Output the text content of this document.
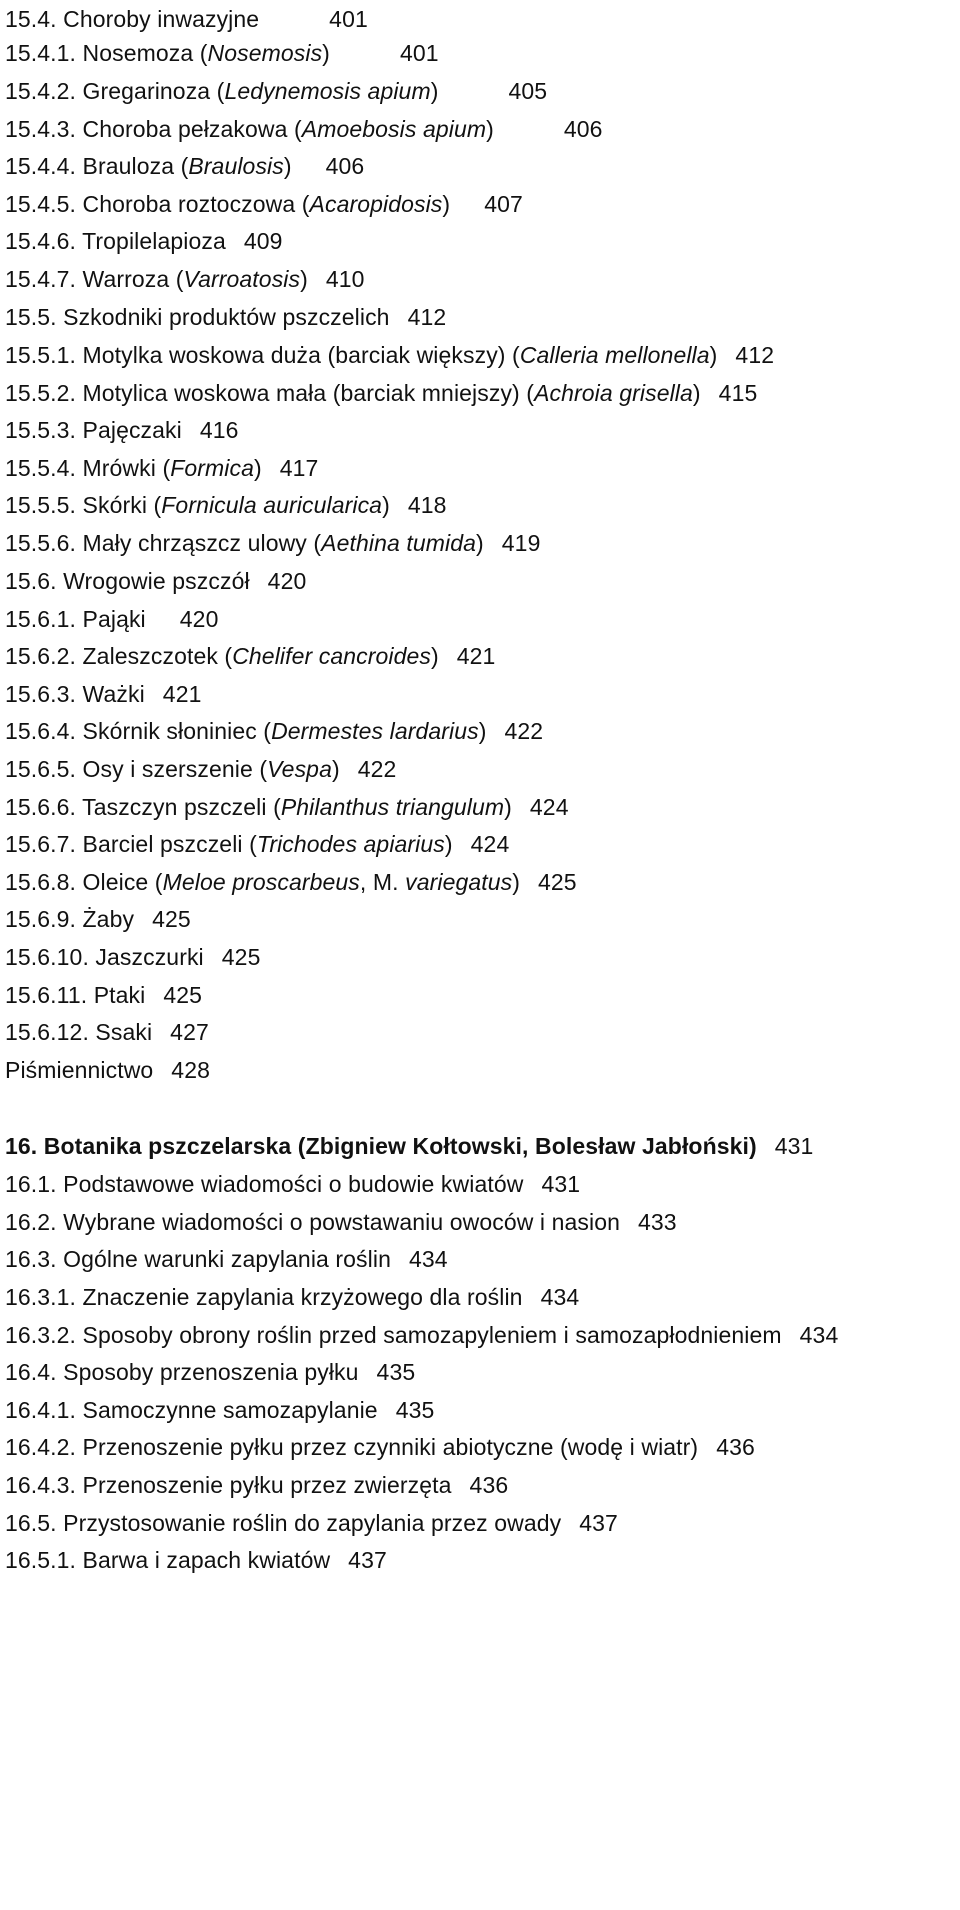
15.4. Choroby inwazyjne	401
15.4.1. Nosemoza (Nosemosis)	401
15.4.2. Gregarinoza (Ledynemosis apium)	405
15.4.3. Choroba pełzakowa (Amoebosis apium)	406
15.4.4. Brauloza (Braulosis) 406
15.4.5. Choroba roztoczowa (Acaropidosis) 407
15.4.6. Tropilelapioza 409
15.4.7. Warroza (Varroatosis) 410
15.5. Szkodniki produktów pszczelich 412
15.5.1. Motylka woskowa duża (barciak większy) (Calleria mellonella) 412
15.5.2. Motylica woskowa mała (barciak mniejszy) (Achroia grisella) 415
15.5.3. Pajęczaki 416
15.5.4. Mrówki (Formica) 417
15.5.5. Skórki (Fornicula auricularica) 418
15.5.6. Mały chrząszcz ulowy (Aethina tumida) 419
15.6. Wrogowie pszczół 420
15.6.1. Pająki 420
15.6.2. Zaleszczotek (Chelifer cancroides) 421
15.6.3. Ważki 421
15.6.4. Skórnik słoniniec (Dermestes lardarius) 422
15.6.5. Osy i szerszenie (Vespa) 422
15.6.6. Taszczyn pszczeli (Philanthus triangulum) 424
15.6.7. Barciel pszczeli (Trichodes apiarius) 424
15.6.8. Oleice (Meloe proscarbeus, M. variegatus) 425
15.6.9. Żaby 425
15.6.10. Jaszczurki 425
15.6.11. Ptaki 425
15.6.12. Ssaki 427
Piśmiennictwo 428
16. Botanika pszczelarska (Zbigniew Kołtowski, Bolesław Jabłoński) 431
16.1. Podstawowe wiadomości o budowie kwiatów 431
16.2. Wybrane wiadomości o powstawaniu owoców i nasion 433
16.3. Ogólne warunki zapylania roślin 434
16.3.1. Znaczenie zapylania krzyżowego dla roślin 434
16.3.2. Sposoby obrony roślin przed samozapyleniem i samozapłodnieniem 434
16.4. Sposoby przenoszenia pyłku 435
16.4.1. Samoczynne samozapylanie 435
16.4.2. Przenoszenie pyłku przez czynniki abiotyczne (wodę i wiatr) 436
16.4.3. Przenoszenie pyłku przez zwierzęta 436
16.5. Przystosowanie roślin do zapylania przez owady 437
16.5.1. Barwa i zapach kwiatów 437
